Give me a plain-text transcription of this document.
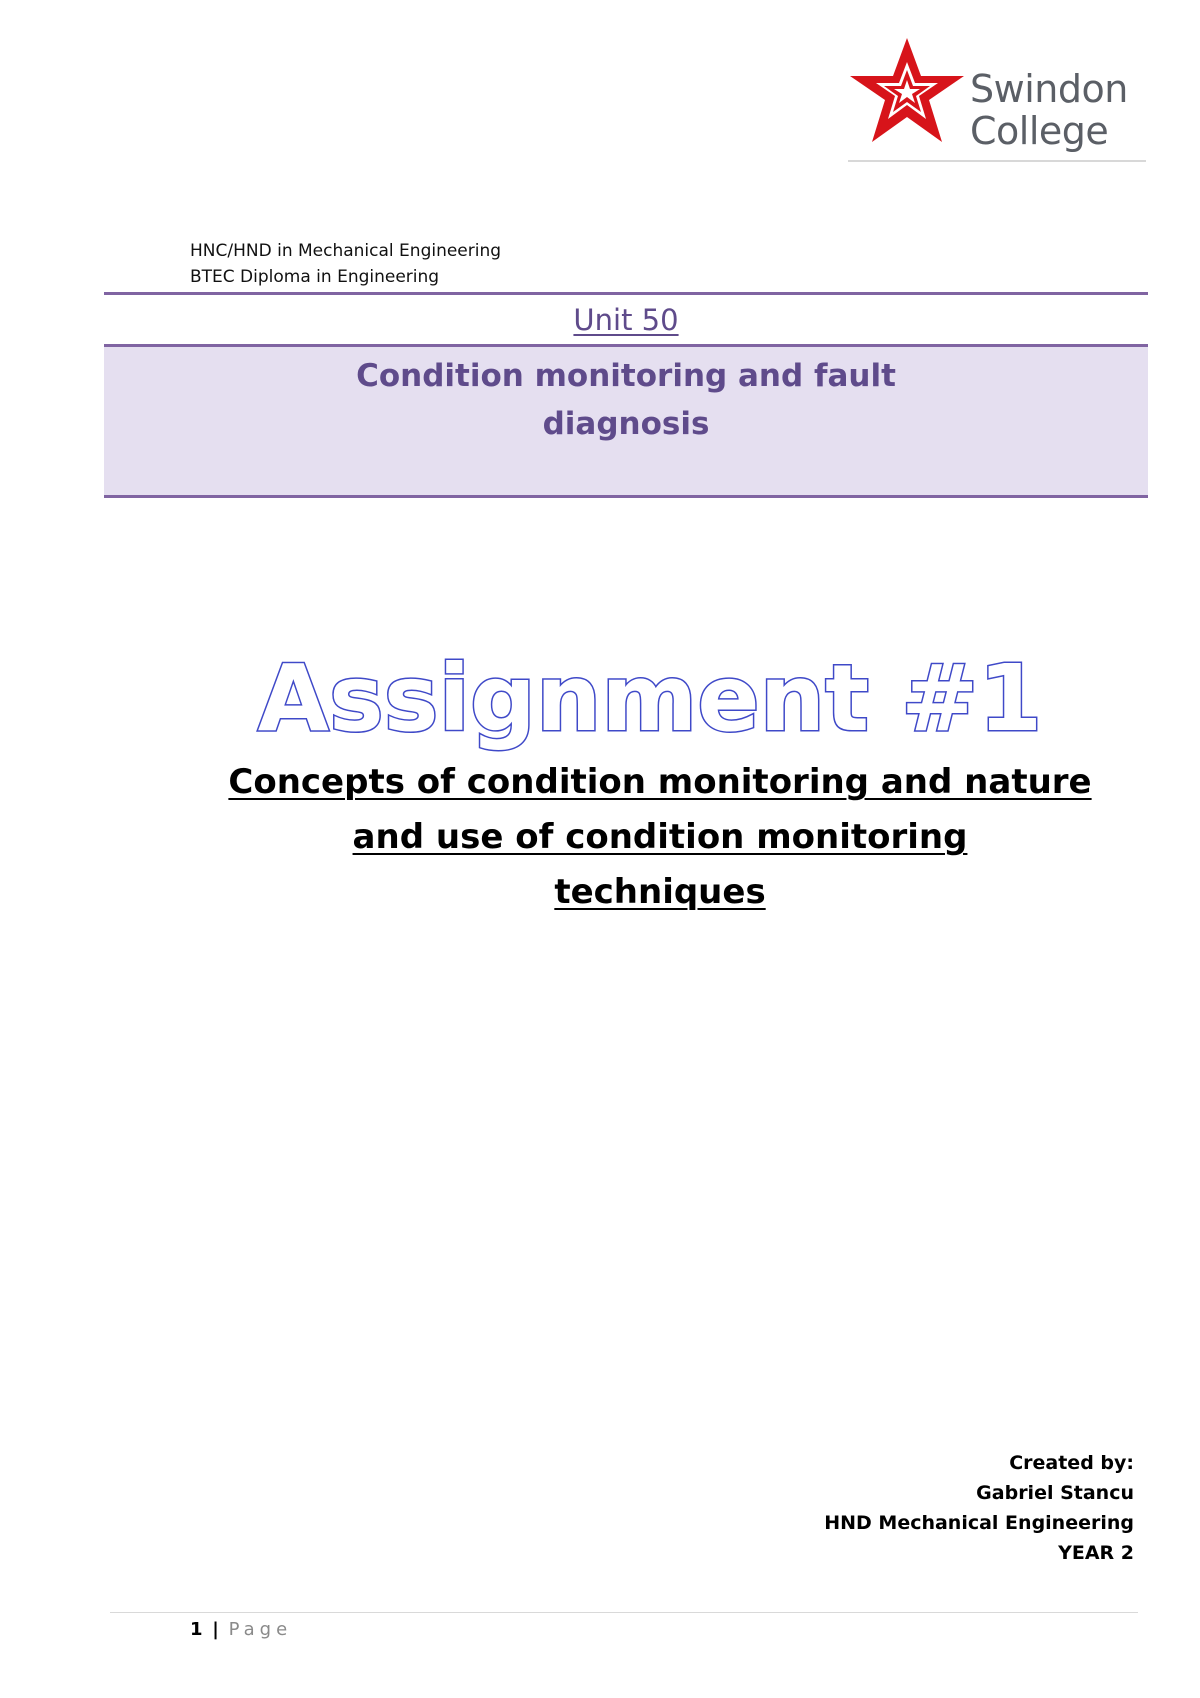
Swindon
College
HNC/HND in Mechanical Engineering
BTEC Diploma in Engineering
Unit 50
Condition monitoring and fault
diagnosis
Assignment #1
Concepts of condition monitoring and nature
and use of condition monitoring
techniques
Created by:
Gabriel Stancu
HND Mechanical Engineering
YEAR 2
1 | Page
